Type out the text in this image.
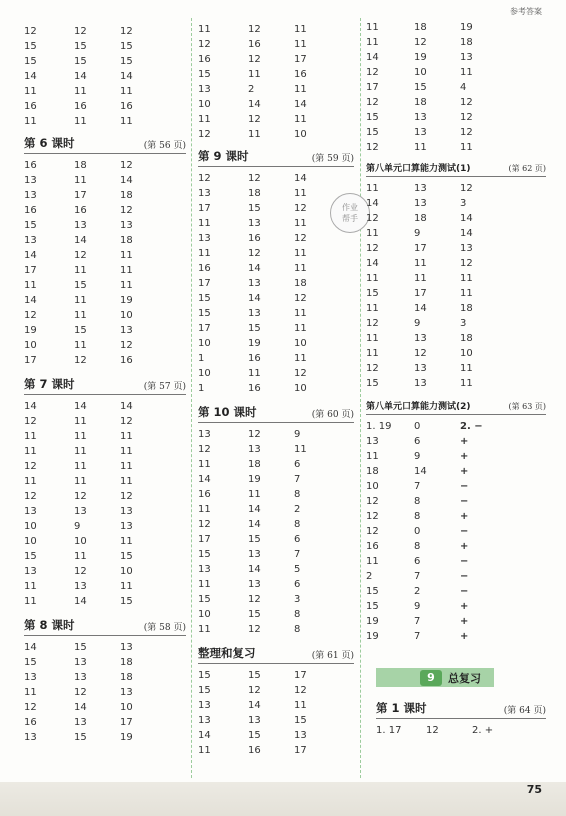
参考答案
12	12	12
15	15	15
15	15	15
14	14	14
11	11	11
16	16	16
11	11	11
第 6 课时	(第 56 页)
16	18	12
13	11	14
13	17	18
16	16	12
15	13	13
13	14	18
14	12	11
17	11	11
11	15	11
14	11	19
12	11	10
19	15	13
10	11	12
17	12	16
第 7 课时	(第 57 页)
14	14	14
12	11	12
11	11	11
11	11	11
12	11	11
11	11	11
12	12	12
13	13	13
10	9	13
10	10	11
15	11	15
13	12	10
11	13	11
11	14	15
第 8 课时	(第 58 页)
14	15	13
15	13	18
13	13	18
11	12	13
12	14	10
16	13	17
13	15	19
11	12	11
12	16	11
16	12	17
15	11	16
13	2	11
10	14	14
11	12	11
12	11	10
第 9 课时	(第 59 页)
12	12	14
13	18	11
17	15	12
11	13	11
13	16	12
11	12	11
16	14	11
17	13	18
15	14	12
15	13	11
17	15	11
10	19	10
1	16	11
10	11	12
1	16	10
第 10 课时	(第 60 页)
13	12	9
12	13	11
11	18	6
14	19	7
16	11	8
11	14	2
12	14	8
17	15	6
15	13	7
13	14	5
11	13	6
15	12	3
10	15	8
11	12	8
整理和复习	(第 61 页)
15	15	17
15	12	12
13	14	11
13	13	15
14	15	13
11	16	17
作业
帮手
11	18	19
11	12	18
14	19	13
12	10	11
17	15	4
12	18	12
15	13	12
15	13	12
12	11	11
第八单元口算能力测试(1)	(第 62 页)
11	13	12
14	13	3
12	18	14
11	9	14
12	17	13
14	11	12
11	11	11
15	17	11
11	14	18
12	9	3
11	13	18
11	12	10
12	13	11
15	13	11
第八单元口算能力测试(2)	(第 63 页)
1. 19	0	2. −
13	6	+
11	9	+
18	14	+
10	7	−
12	8	−
12	8	+
12	0	−
16	8	+
11	6	−
2	7	−
15	2	−
15	9	+
19	7	+
19	7	+
9	总复习
第 1 课时	(第 64 页)
1. 17	12	2. +
75
